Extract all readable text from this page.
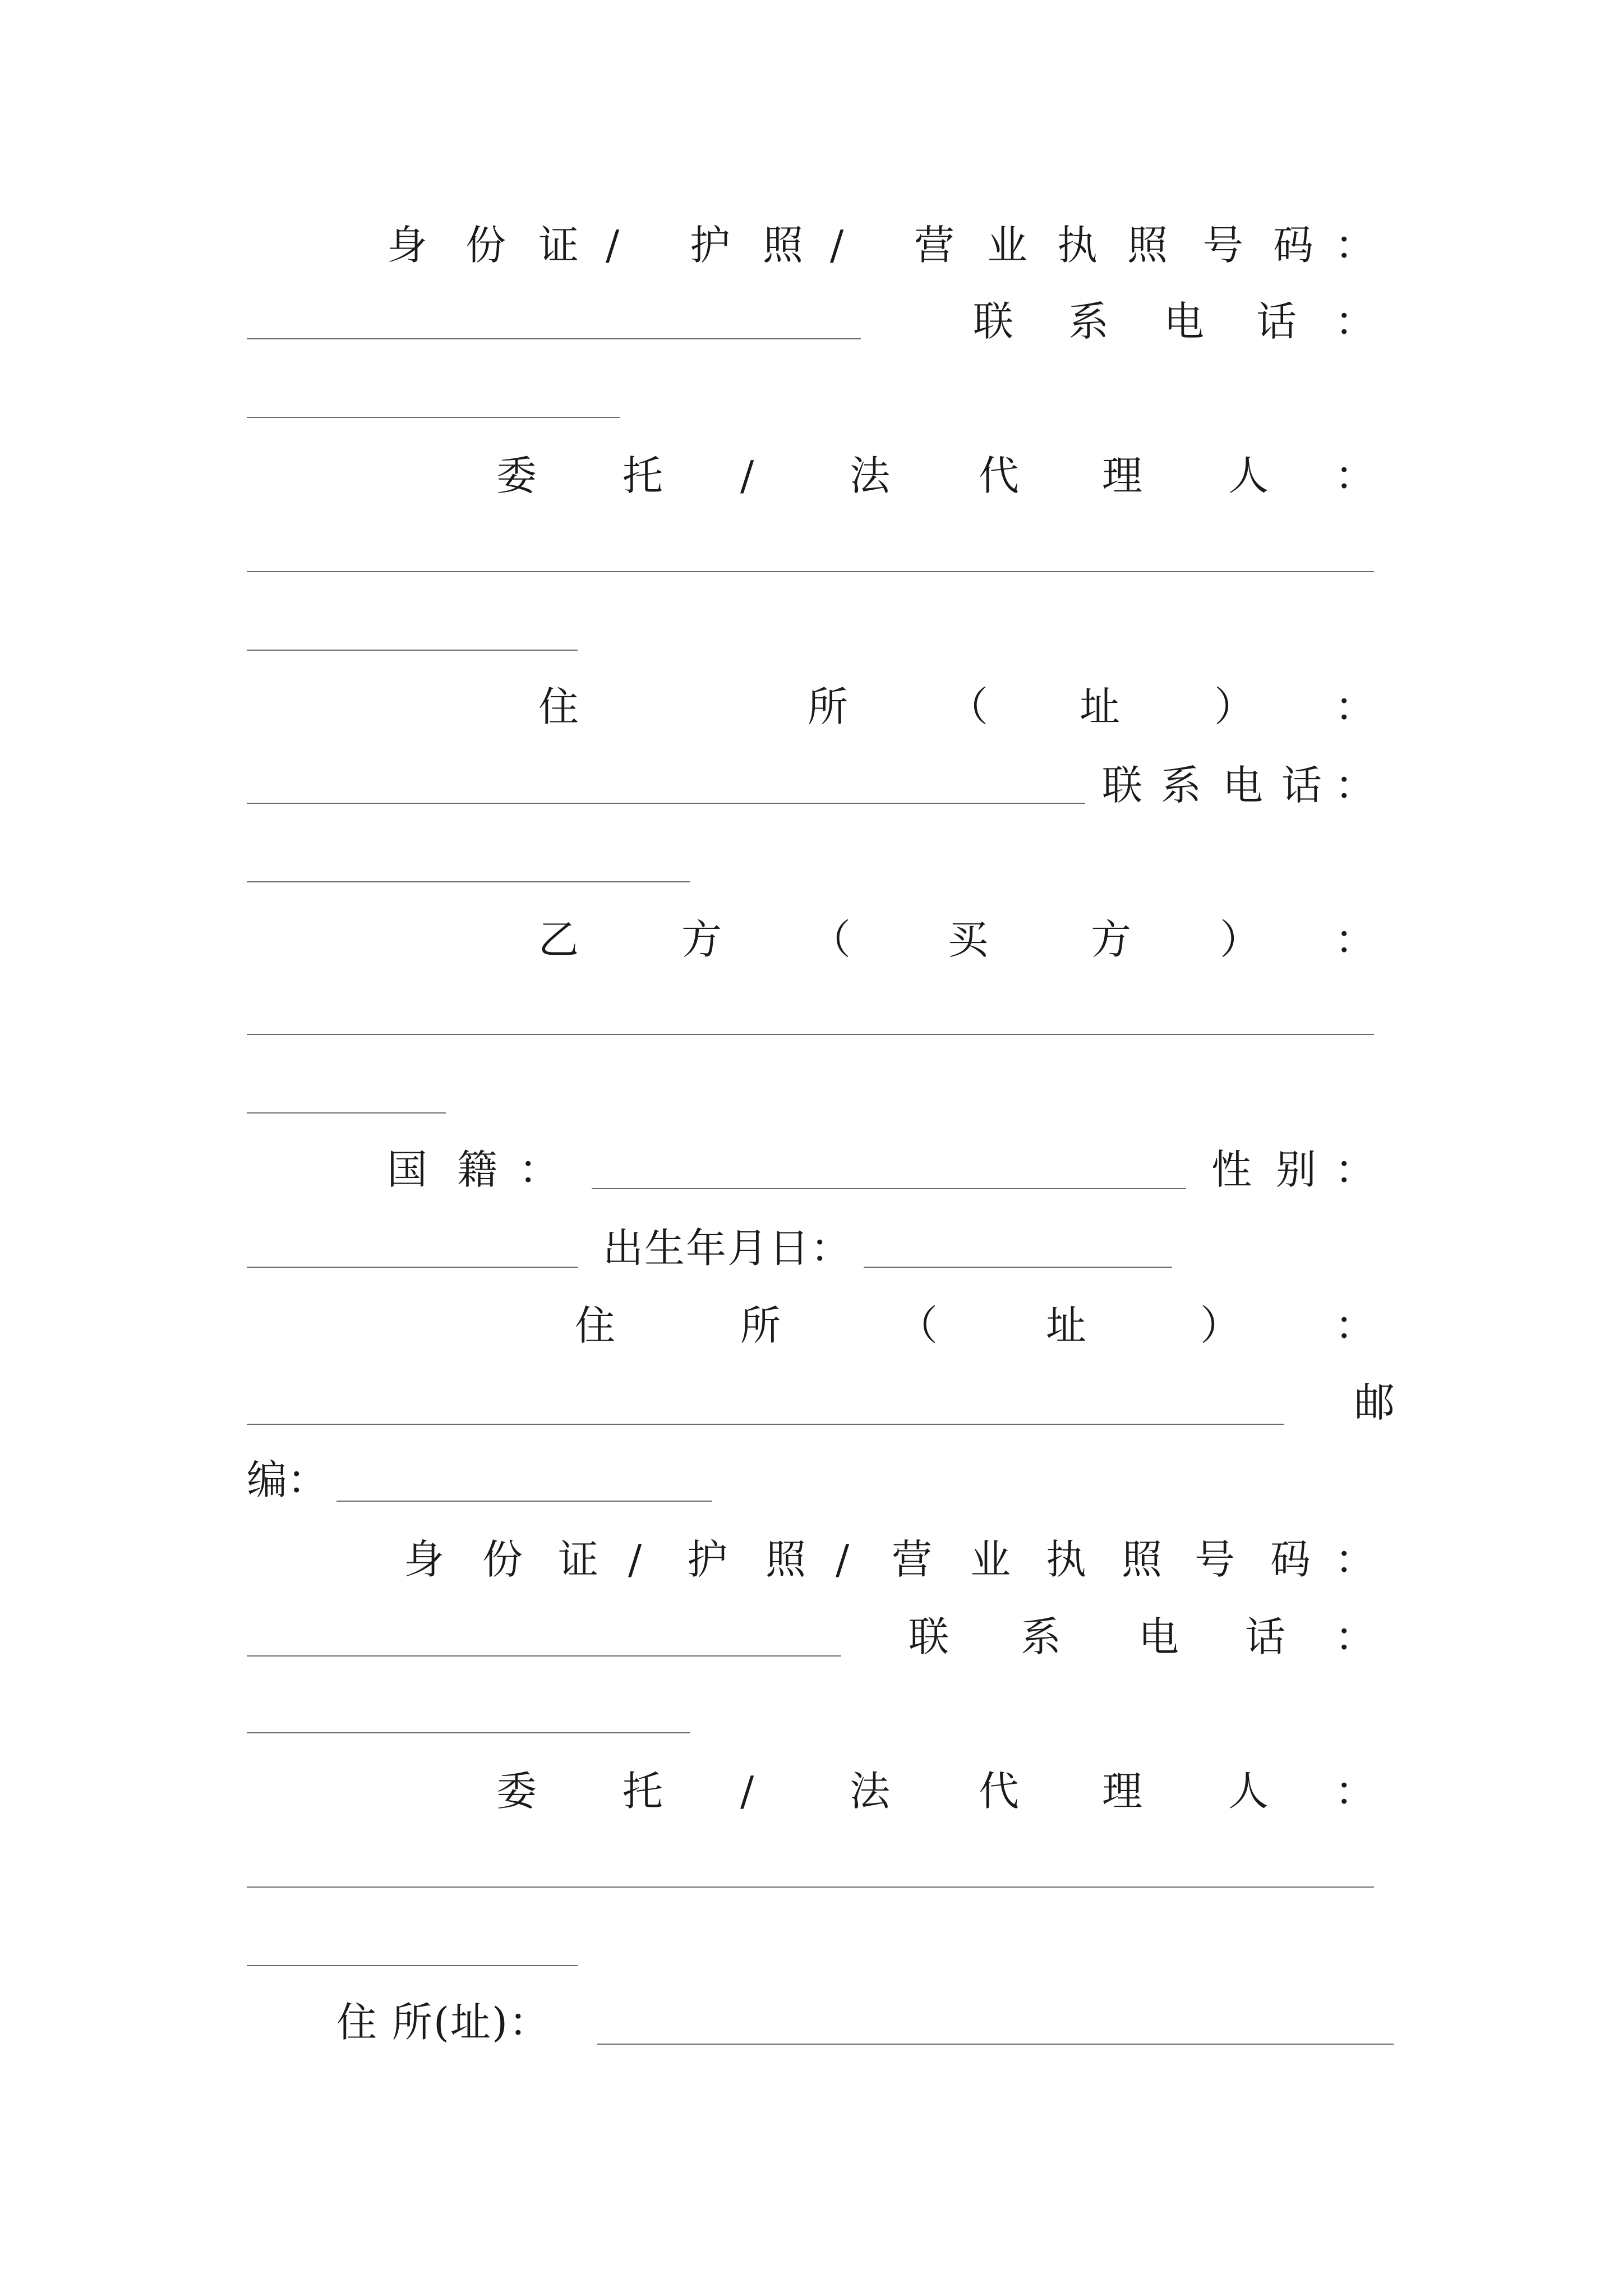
身 份 证 / 护 照 / 营 业 执 照 号 码 ：
联 系 电 话 ：
委 托 / 法 代 理 人 ：
住	所 （ 址 ） ：
联 系 电 话 ：
乙	方 （ 买	方 ） ：
国 籍 ：	性 别 ：
出生年月日：
住	所	（	址	） ：
邮
编：
身 份 证 / 护 照 / 营 业 执 照 号 码 ：
联 系 电 话 ：
委 托 / 法 代 理 人 ：
住 所(址)：
